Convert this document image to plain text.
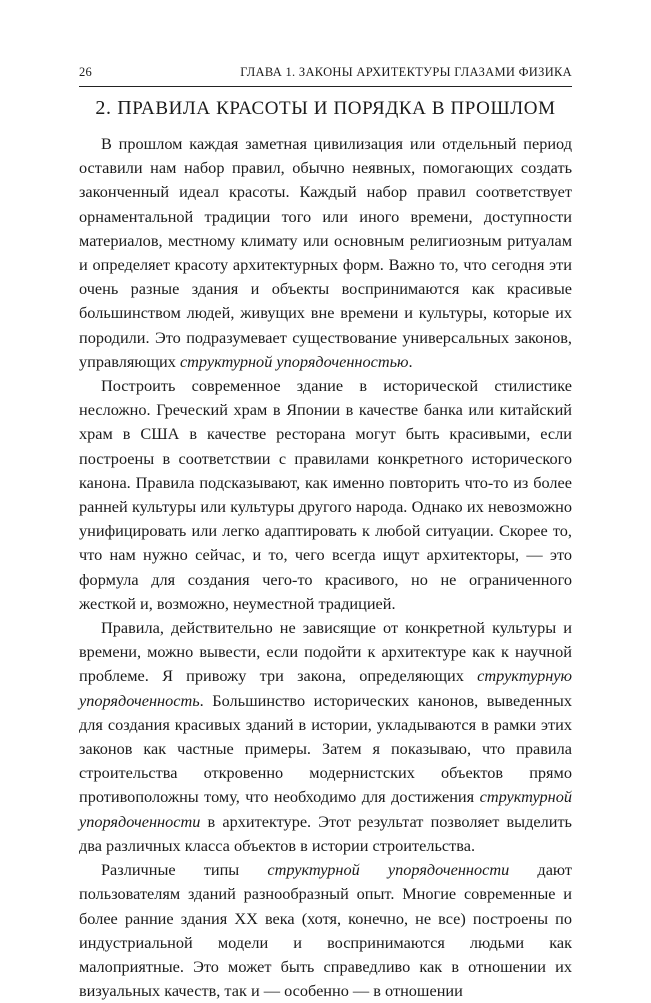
26	ГЛАВА 1. ЗАКОНЫ АРХИТЕКТУРЫ ГЛАЗАМИ ФИЗИКА
2. ПРАВИЛА КРАСОТЫ И ПОРЯДКА В ПРОШЛОМ

В прошлом каждая заметная цивилизация или отдельный период оставили нам набор правил, обычно неявных, помогающих создать законченный идеал красоты. Каждый набор правил соответствует орнаментальной традиции того или иного времени, доступности материалов, местному климату или основным религиозным ритуалам и определяет красоту архитектурных форм. Важно то, что сегодня эти очень разные здания и объекты воспринимаются как красивые большинством людей, живущих вне времени и культуры, которые их породили. Это подразумевает существование универсальных законов, управляющих структурной упорядоченностью.

Построить современное здание в исторической стилистике несложно. Греческий храм в Японии в качестве банка или китайский храм в США в качестве ресторана могут быть красивыми, если построены в соответствии с правилами конкретного исторического канона. Правила подсказывают, как именно повторить что-то из более ранней культуры или культуры другого народа. Однако их невозможно унифицировать или легко адаптировать к любой ситуации. Скорее то, что нам нужно сейчас, и то, чего всегда ищут архитекторы, — это формула для создания чего-то красивого, но не ограниченного жесткой и, возможно, неуместной традицией.

Правила, действительно не зависящие от конкретной культуры и времени, можно вывести, если подойти к архитектуре как к научной проблеме. Я привожу три закона, определяющих структурную упорядоченность. Большинство исторических канонов, выведенных для создания красивых зданий в истории, укладываются в рамки этих законов как частные примеры. Затем я показываю, что правила строительства откровенно модернистских объектов прямо противоположны тому, что необходимо для достижения структурной упорядоченности в архитектуре. Этот результат позволяет выделить два различных класса объектов в истории строительства.

Различные типы структурной упорядоченности дают пользователям зданий разнообразный опыт. Многие современные и более ранние здания XX века (хотя, конечно, не все) построены по индустриальной модели и воспринимаются людьми как малоприятные. Это может быть справедливо как в отношении их визуальных качеств, так и — особенно — в отношении
